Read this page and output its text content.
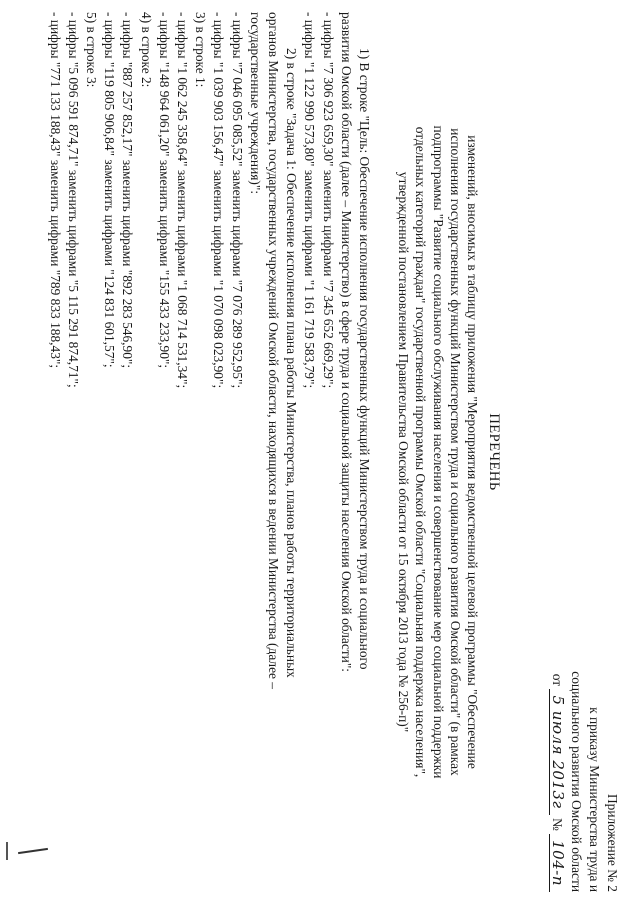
Приложение № 2
к приказу Министерства труда и
социального развития Омской области
от 5 июля 2013г № 104-п
ПЕРЕЧЕНЬ
изменений, вносимых в таблицу приложения "Мероприятия ведомственной целевой программы "Обеспечение
исполнения государственных функций Министерством труда и социального развития Омской области" (в рамках
подпрограммы "Развитие социального обслуживания населения и совершенствование мер социальной поддержки
отдельных категорий граждан" государственной программы Омской области "Социальная поддержка населения",
утвержденной постановлением Правительства Омской области от 15 октября 2013 года № 256-п)"
1) В строке "Цель: Обеспечение исполнения государственных функций Министерством труда и социального
развития Омской области (далее – Министерство) в сфере труда и социальной защиты населения Омской области":
- цифры "7 306 923 659,30" заменить цифрами "7 345 652 669,29";
- цифры "1 122 990 573,80" заменить цифрами "1 161 719 583,79";
2) в строке "Задача 1: Обеспечение исполнения плана работы Министерства, планов работы территориальных
органов Министерства, государственных учреждений Омской области, находящихся в ведении Министерства (далее –
государственные учреждения)":
- цифры "7 046 095 085,52" заменить цифрами "7 076 289 952,95";
- цифры "1 039 903 156,47" заменить цифрами "1 070 098 023,90";
3) в строке 1:
- цифры "1 062 245 358,64" заменить цифрами "1 068 714 531,34";
- цифры "148 964 061,20" заменить цифрами "155 433 233,90";
4) в строке 2:
- цифры "887 257 852,17" заменить цифрами "892 283 546,90";
- цифры "119 805 906,84" заменить цифрами "124 831 601,57";
5) в строке 3:
- цифры "5 096 591 874,71" заменить цифрами "5 115 291 874,71";
- цифры "771 133 188,43" заменить цифрами "789 833 188,43";
